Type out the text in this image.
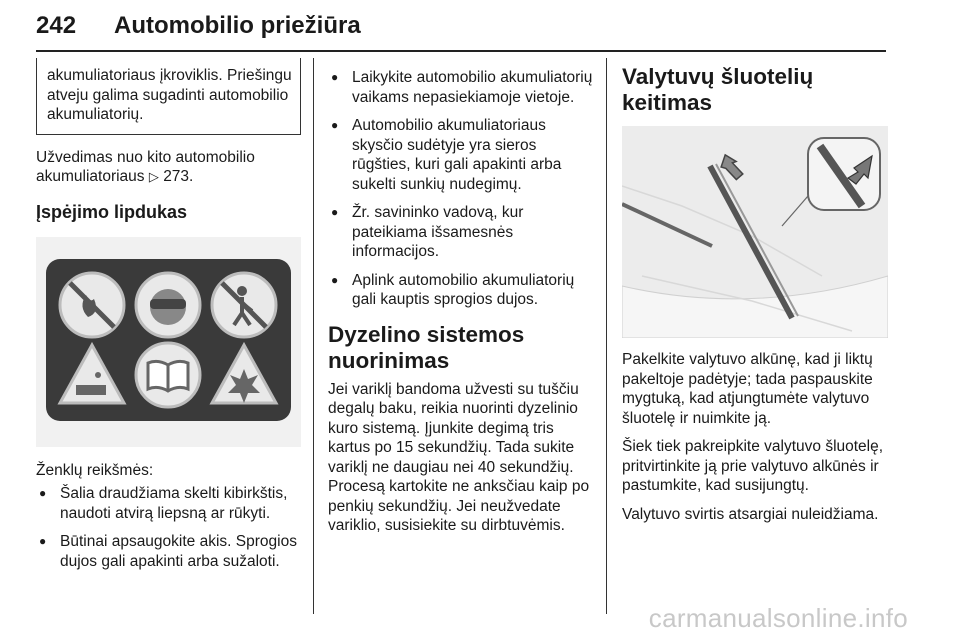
242 Automobilio priežiūra

akumuliatoriaus įkroviklis. Priešingu atveju galima sugadinti automobilio akumuliatorių.

Užvedimas nuo kito automobilio akumuliatoriaus ▷ 273.

Įspėjimo lipdukas

Ženklų reikšmės:

● Šalia draudžiama skelti kibirkštis, naudoti atvirą liepsną ar rūkyti.
● Būtinai apsaugokite akis. Sprogios dujos gali apakinti arba sužaloti.
● Laikykite automobilio akumuliatorių vaikams nepasiekiamoje vietoje.
● Automobilio akumuliatoriaus skysčio sudėtyje yra sieros rūgšties, kuri gali apakinti arba sukelti sunkių nudegimų.
● Žr. savininko vadovą, kur pateikiama išsamesnės informacijos.
● Aplink automobilio akumuliatorių gali kauptis sprogios dujos.
Dyzelino sistemos nuorinimas

Jei variklį bandoma užvesti su tuščiu degalų baku, reikia nuorinti dyzelinio kuro sistemą. Įjunkite degimą tris kartus po 15 sekundžių. Tada sukite variklį ne daugiau nei 40 sekundžių. Procesą kartokite ne anksčiau kaip po penkių sekundžių. Jei neužvedate variklio, susisiekite su dirbtuvėmis.

Valytuvų šluotelių keitimas

Pakelkite valytuvo alkūnę, kad ji liktų pakeltoje padėtyje; tada paspauskite mygtuką, kad atjungtumėte valytuvo šluotelę ir nuimkite ją.

Šiek tiek pakreipkite valytuvo šluotelę, pritvirtinkite ją prie valytuvo alkūnės ir pastumkite, kad susijungtų.

Valytuvo svirtis atsargiai nuleidžiama.

carmanualsonline.info
